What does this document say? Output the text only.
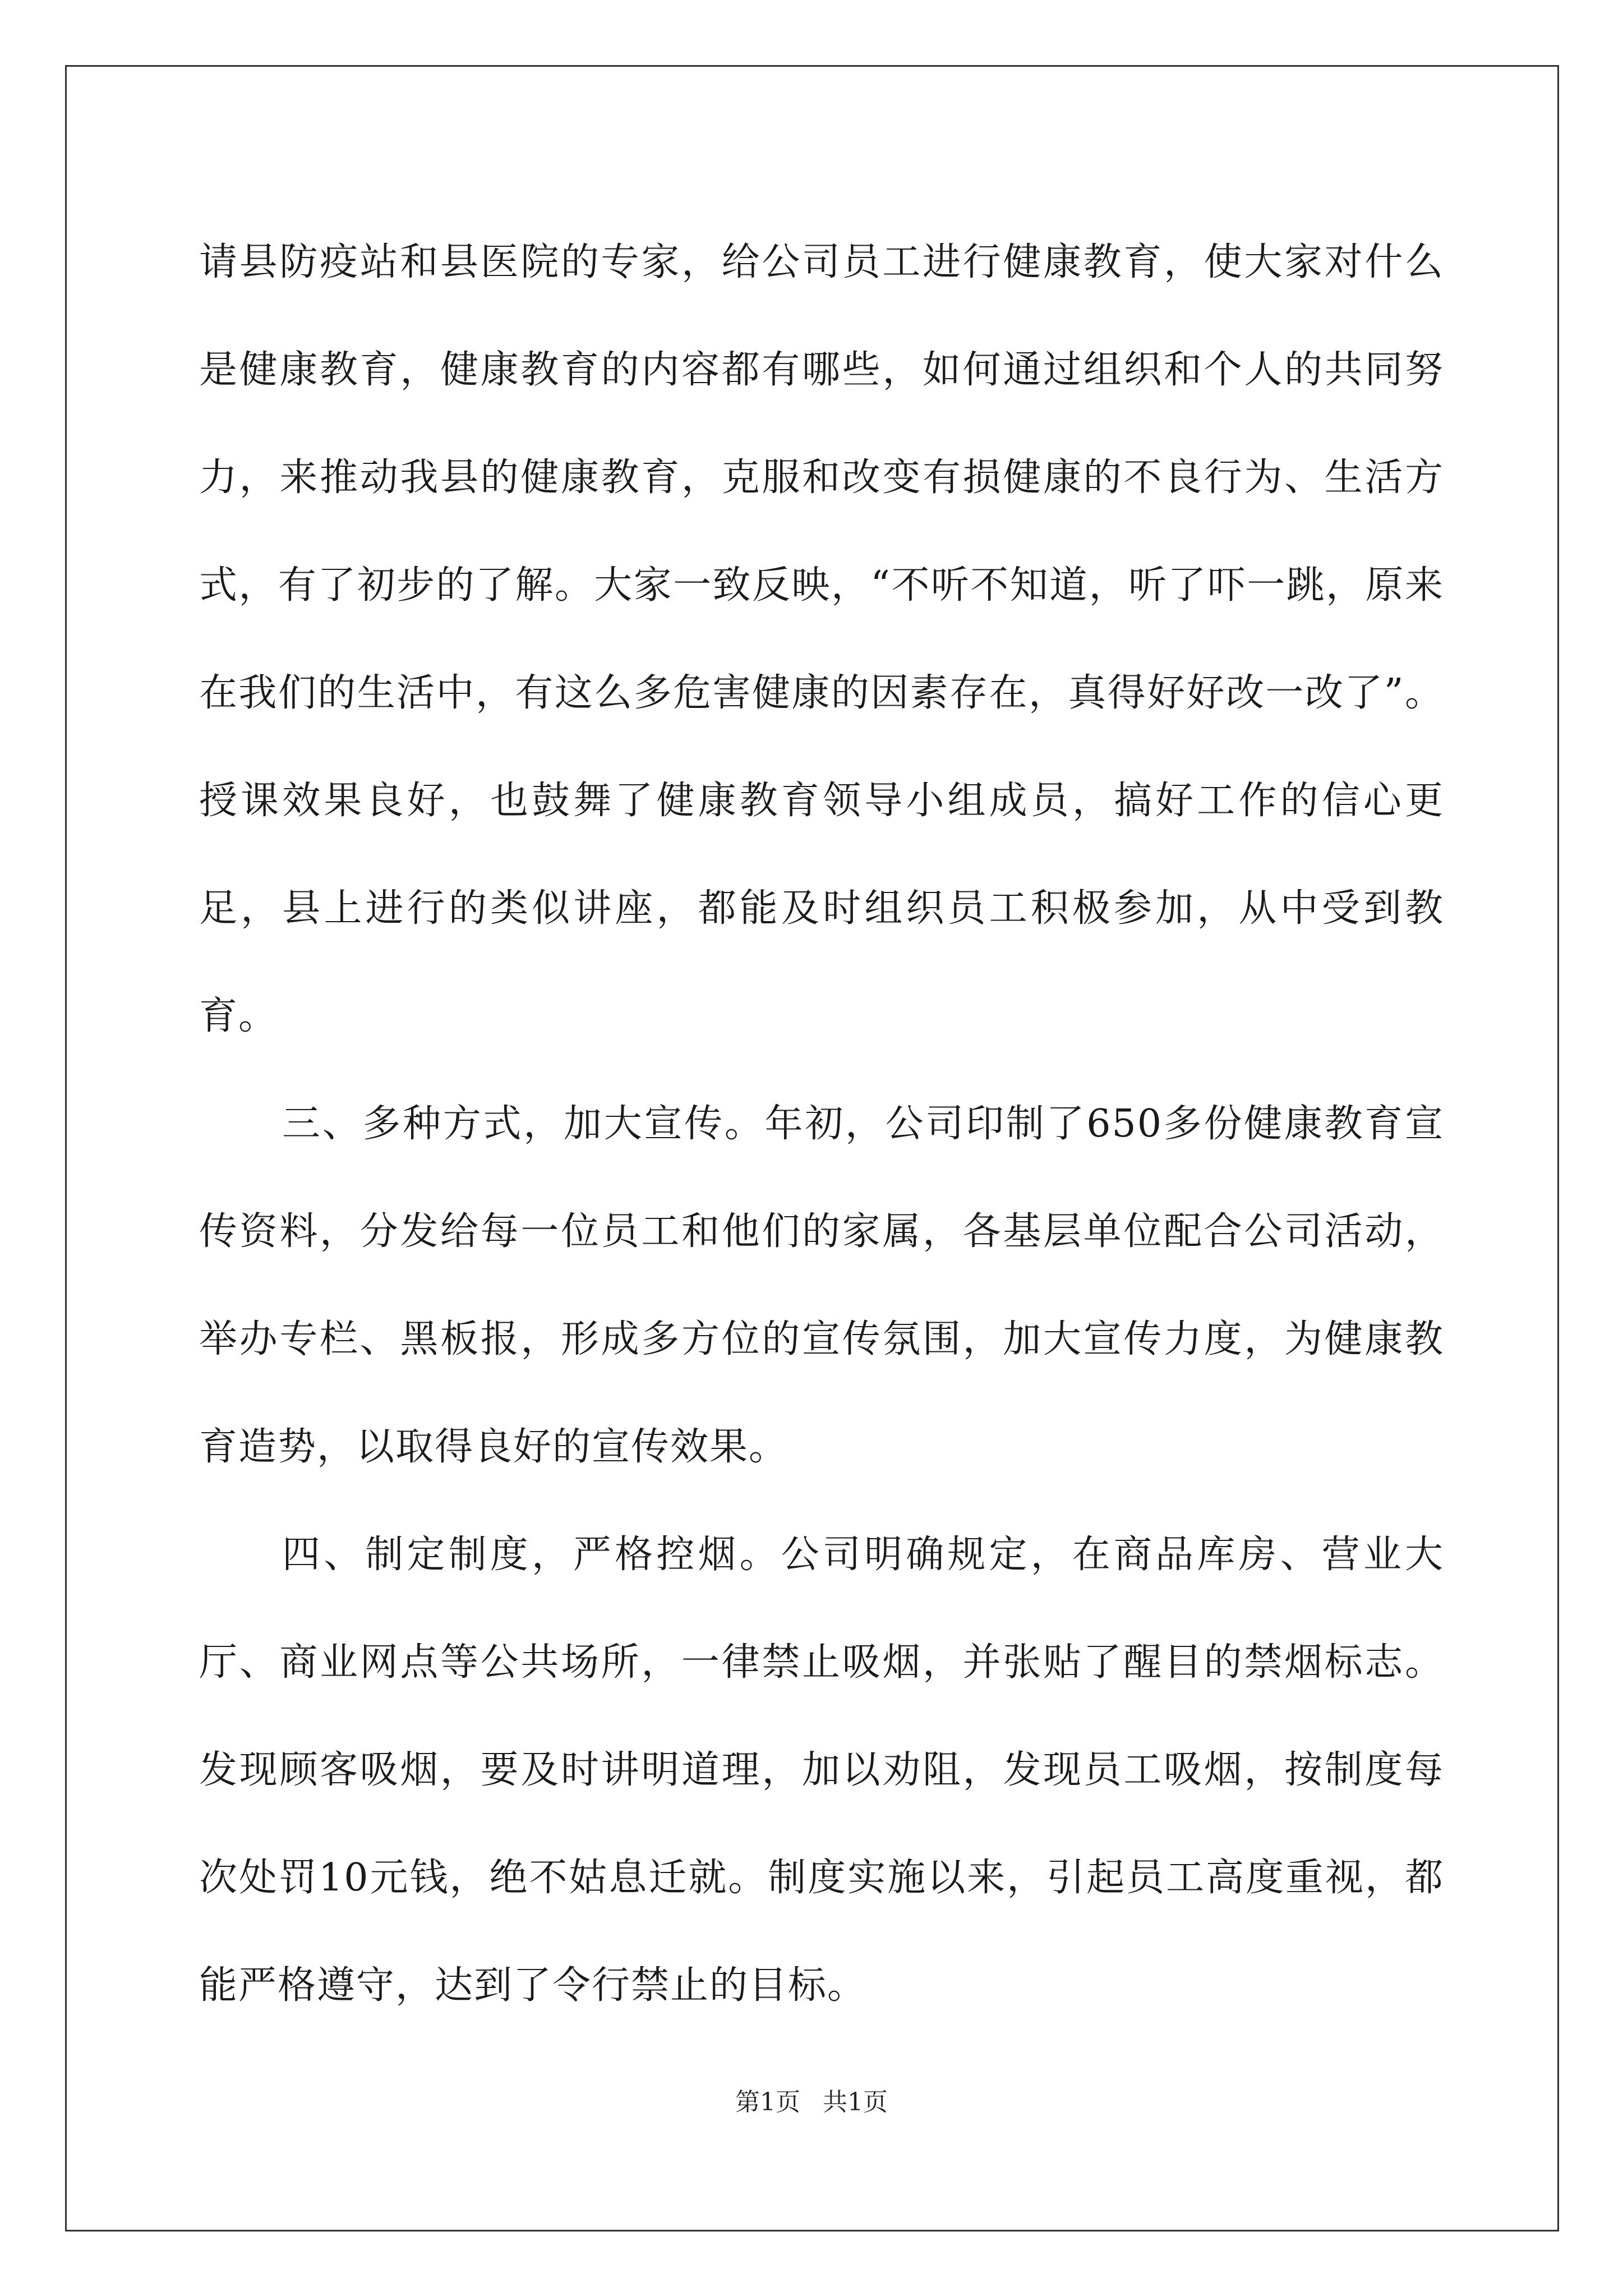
请县防疫站和县医院的专家，给公司员工进行健康教育，使大家对什么是健康教育，健康教育的内容都有哪些，如何通过组织和个人的共同努力，来推动我县的健康教育，克服和改变有损健康的不良行为、生活方式，有了初步的了解。大家一致反映，“不听不知道，听了吓一跳，原来在我们的生活中，有这么多危害健康的因素存在，真得好好改一改了”。授课效果良好，也鼓舞了健康教育领导小组成员，搞好工作的信心更足，县上进行的类似讲座，都能及时组织员工积极参加，从中受到教育。

三、多种方式，加大宣传。年初，公司印制了650多份健康教育宣传资料，分发给每一位员工和他们的家属，各基层单位配合公司活动，举办专栏、黑板报，形成多方位的宣传氛围，加大宣传力度，为健康教育造势，以取得良好的宣传效果。

四、制定制度，严格控烟。公司明确规定，在商品库房、营业大厅、商业网点等公共场所，一律禁止吸烟，并张贴了醒目的禁烟标志。发现顾客吸烟，要及时讲明道理，加以劝阻，发现员工吸烟，按制度每次处罚10元钱，绝不姑息迁就。制度实施以来，引起员工高度重视，都能严格遵守，达到了令行禁止的目标。

第1页 共1页
